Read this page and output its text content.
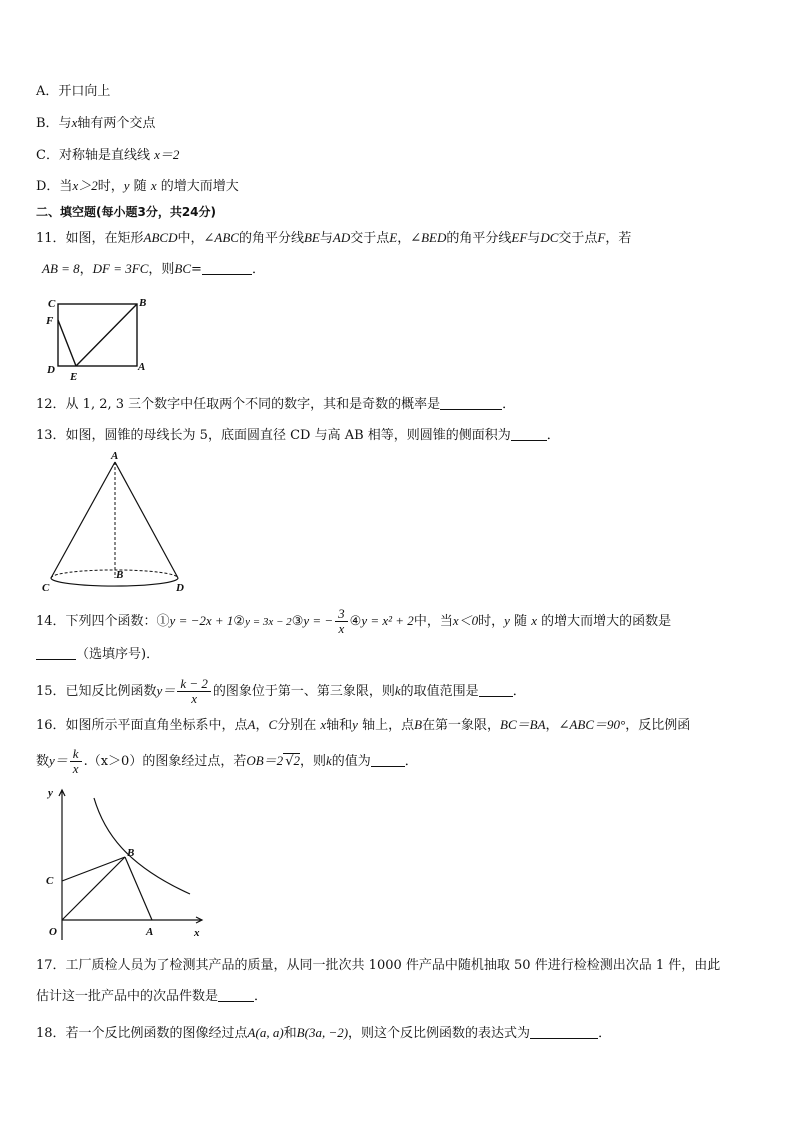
A．开口向上
B．与x轴有两个交点
C．对称轴是直线线 x＝2
D．当x＞2时，y 随 x 的增大而增大
二、填空题(每小题3分，共24分)
11．如图，在矩形ABCD中，∠ABC的角平分线BE与AD交于点E，∠BED的角平分线EF与DC交于点F，若
AB = 8，DF = 3FC，则BC=	．
C	B
F
D
E
A
12．从 1, 2, 3 三个数字中任取两个不同的数字，其和是奇数的概率是	．
13．如图，圆锥的母线长为 5，底面圆直径 CD 与高 AB 相等，则圆锥的侧面积为	．
A
B
C	D
14．下列四个函数：①y = −2x + 1②y = 3x − 2③y = − $\frac{3}{x}$ ④y = x² + 2中，当x＜0时，y 随 x 的增大而增大的函数是
（选填序号)．
15．已知反比例函数$y= \frac{k - 2}{x}$ 的图象位于第一、第三象限，则k的取值范围是	．
16．如图所示平面直角坐标系中，点A，C分别在 x轴和y 轴上，点B在第一象限，BC＝BA，∠ABC＝90°，反比例函
数$y= \frac{k}{x} .(x>0)$的图象经过点，若OB＝2 √2，则k的值为	．
y
x
B
C
O	A
17．工厂质检人员为了检测其产品的质量，从同一批次共 1000 件产品中随机抽取 50 件进行检检测出次品 1 件，由此
估计这一批产品中的次品件数是	．
18．若一个反比例函数的图像经过点A(a, a)和B(3a, −2)，则这个反比例函数的表达式为	．
